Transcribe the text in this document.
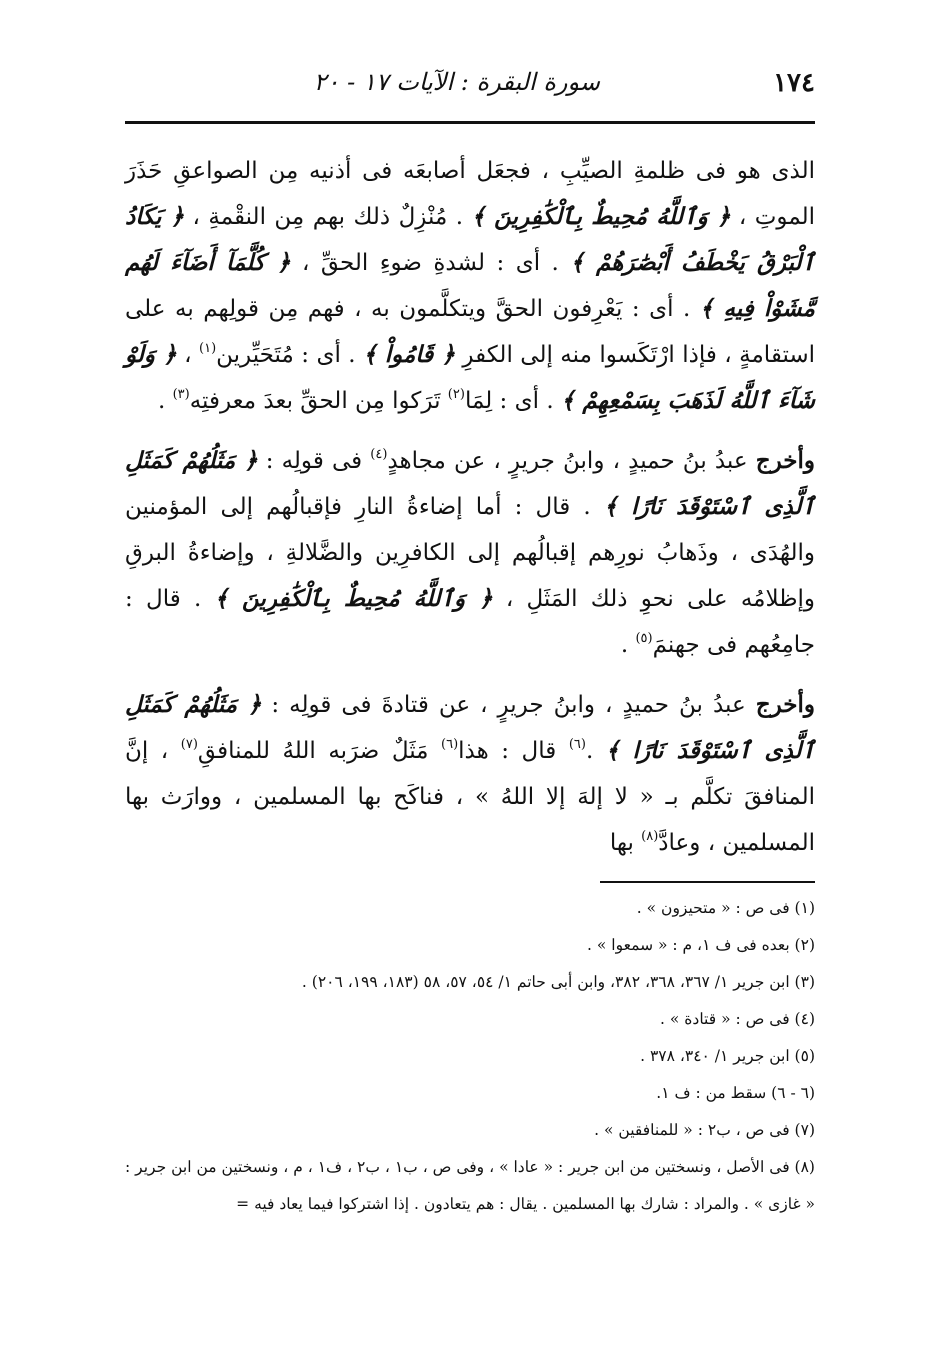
١٧٤
سورة البقرة : الآيات ١٧ - ٢٠

الذى هو فى ظلمةِ الصيِّبِ ، فجعَل أصابعَه فى أذنيه مِن الصواعقِ حَذَرَ الموتِ ، ﴿ وَٱللَّهُ مُحِيطٌ بِٱلْكَٰفِرِينَ ﴾ . مُنْزِلٌ ذلك بهم مِن النقْمةِ ، ﴿ يَكَادُ ٱلْبَرْقُ يَخْطَفُ أَبْصَٰرَهُمْ ﴾ . أى : لشدةِ ضوءِ الحقِّ ، ﴿ كُلَّمَآ أَضَآءَ لَهُم مَّشَوْاْ فِيهِ ﴾ . أى : يَعْرِفون الحقَّ ويتكلَّمون به ، فهم مِن قولِهم به على استقامةٍ ، فإذا ارْتَكَسوا منه إلى الكفرِ ﴿ قَامُواْ ﴾ . أى : مُتَحَيِّرين$^{(١)}$ ، ﴿ وَلَوْ شَآءَ ٱللَّهُ لَذَهَبَ بِسَمْعِهِمْ ﴾ . أى : لِمَا$^{(٢)}$ تَرَكوا مِن الحقِّ بعدَ معرفتِه$^{(٣)}$ .

وأخرج عبدُ بنُ حميدٍ ، وابنُ جريرٍ ، عن مجاهدٍ$^{(٤)}$ فى قولِه : ﴿ مَثَلُهُمْ كَمَثَلِ ٱلَّذِى ٱسْتَوْقَدَ نَارًا ﴾ . قال : أما إضاءةُ النارِ فإقبالُهم إلى المؤمنين والهُدَى ، وذَهابُ نورِهم إقبالُهم إلى الكافرِين والضَّلالةِ ، وإضاءةُ البرقِ وإظلامُه على نحوِ ذلك المَثَلِ ، ﴿ وَٱللَّهُ مُحِيطٌ بِٱلْكَٰفِرِينَ ﴾ . قال : جامِعُهم فى جهنمَ$^{(٥)}$ .

وأخرج عبدُ بنُ حميدٍ ، وابنُ جريرٍ ، عن قتادةَ فى قولِه : ﴿ مَثَلُهُمْ كَمَثَلِ ٱلَّذِى ٱسْتَوْقَدَ نَارًا ﴾ .$^{(٦)}$ قال : هذا$^{(٦)}$ مَثَلٌ ضرَبه اللهُ للمنافقِ$^{(٧)}$ ، إنَّ المنافقَ تكلَّم بـ « لا إلهَ إلا اللهُ » ، فناكَح بها المسلمين ، ووارَث بها المسلمين ، وعادَّ$^{(٨)}$ بها

(١) فى ص : « متحيزون » .

(٢) بعده فى ف ١، م : « سمعوا » .

(٣) ابن جرير ١/ ٣٦٧، ٣٦٨، ٣٨٢، وابن أبى حاتم ١/ ٥٤، ٥٧، ٥٨ (١٨٣، ١٩٩، ٢٠٦) .

(٤) فى ص : « قتادة » .

(٥) ابن جرير ١/ ٣٤٠، ٣٧٨ .

(٦ - ٦) سقط من : ف ١.

(٧) فى ص ، ب٢ : « للمنافقين » .

(٨) فى الأصل ، ونسختين من ابن جرير : « عادا » ، وفى ص ، ب١ ، ب٢ ، ف١ ، م ، ونسختين من ابن جرير : « غازى » . والمراد : شارك بها المسلمين . يقال : هم يتعادون . إذا اشتركوا فيما يعاد فيه =
